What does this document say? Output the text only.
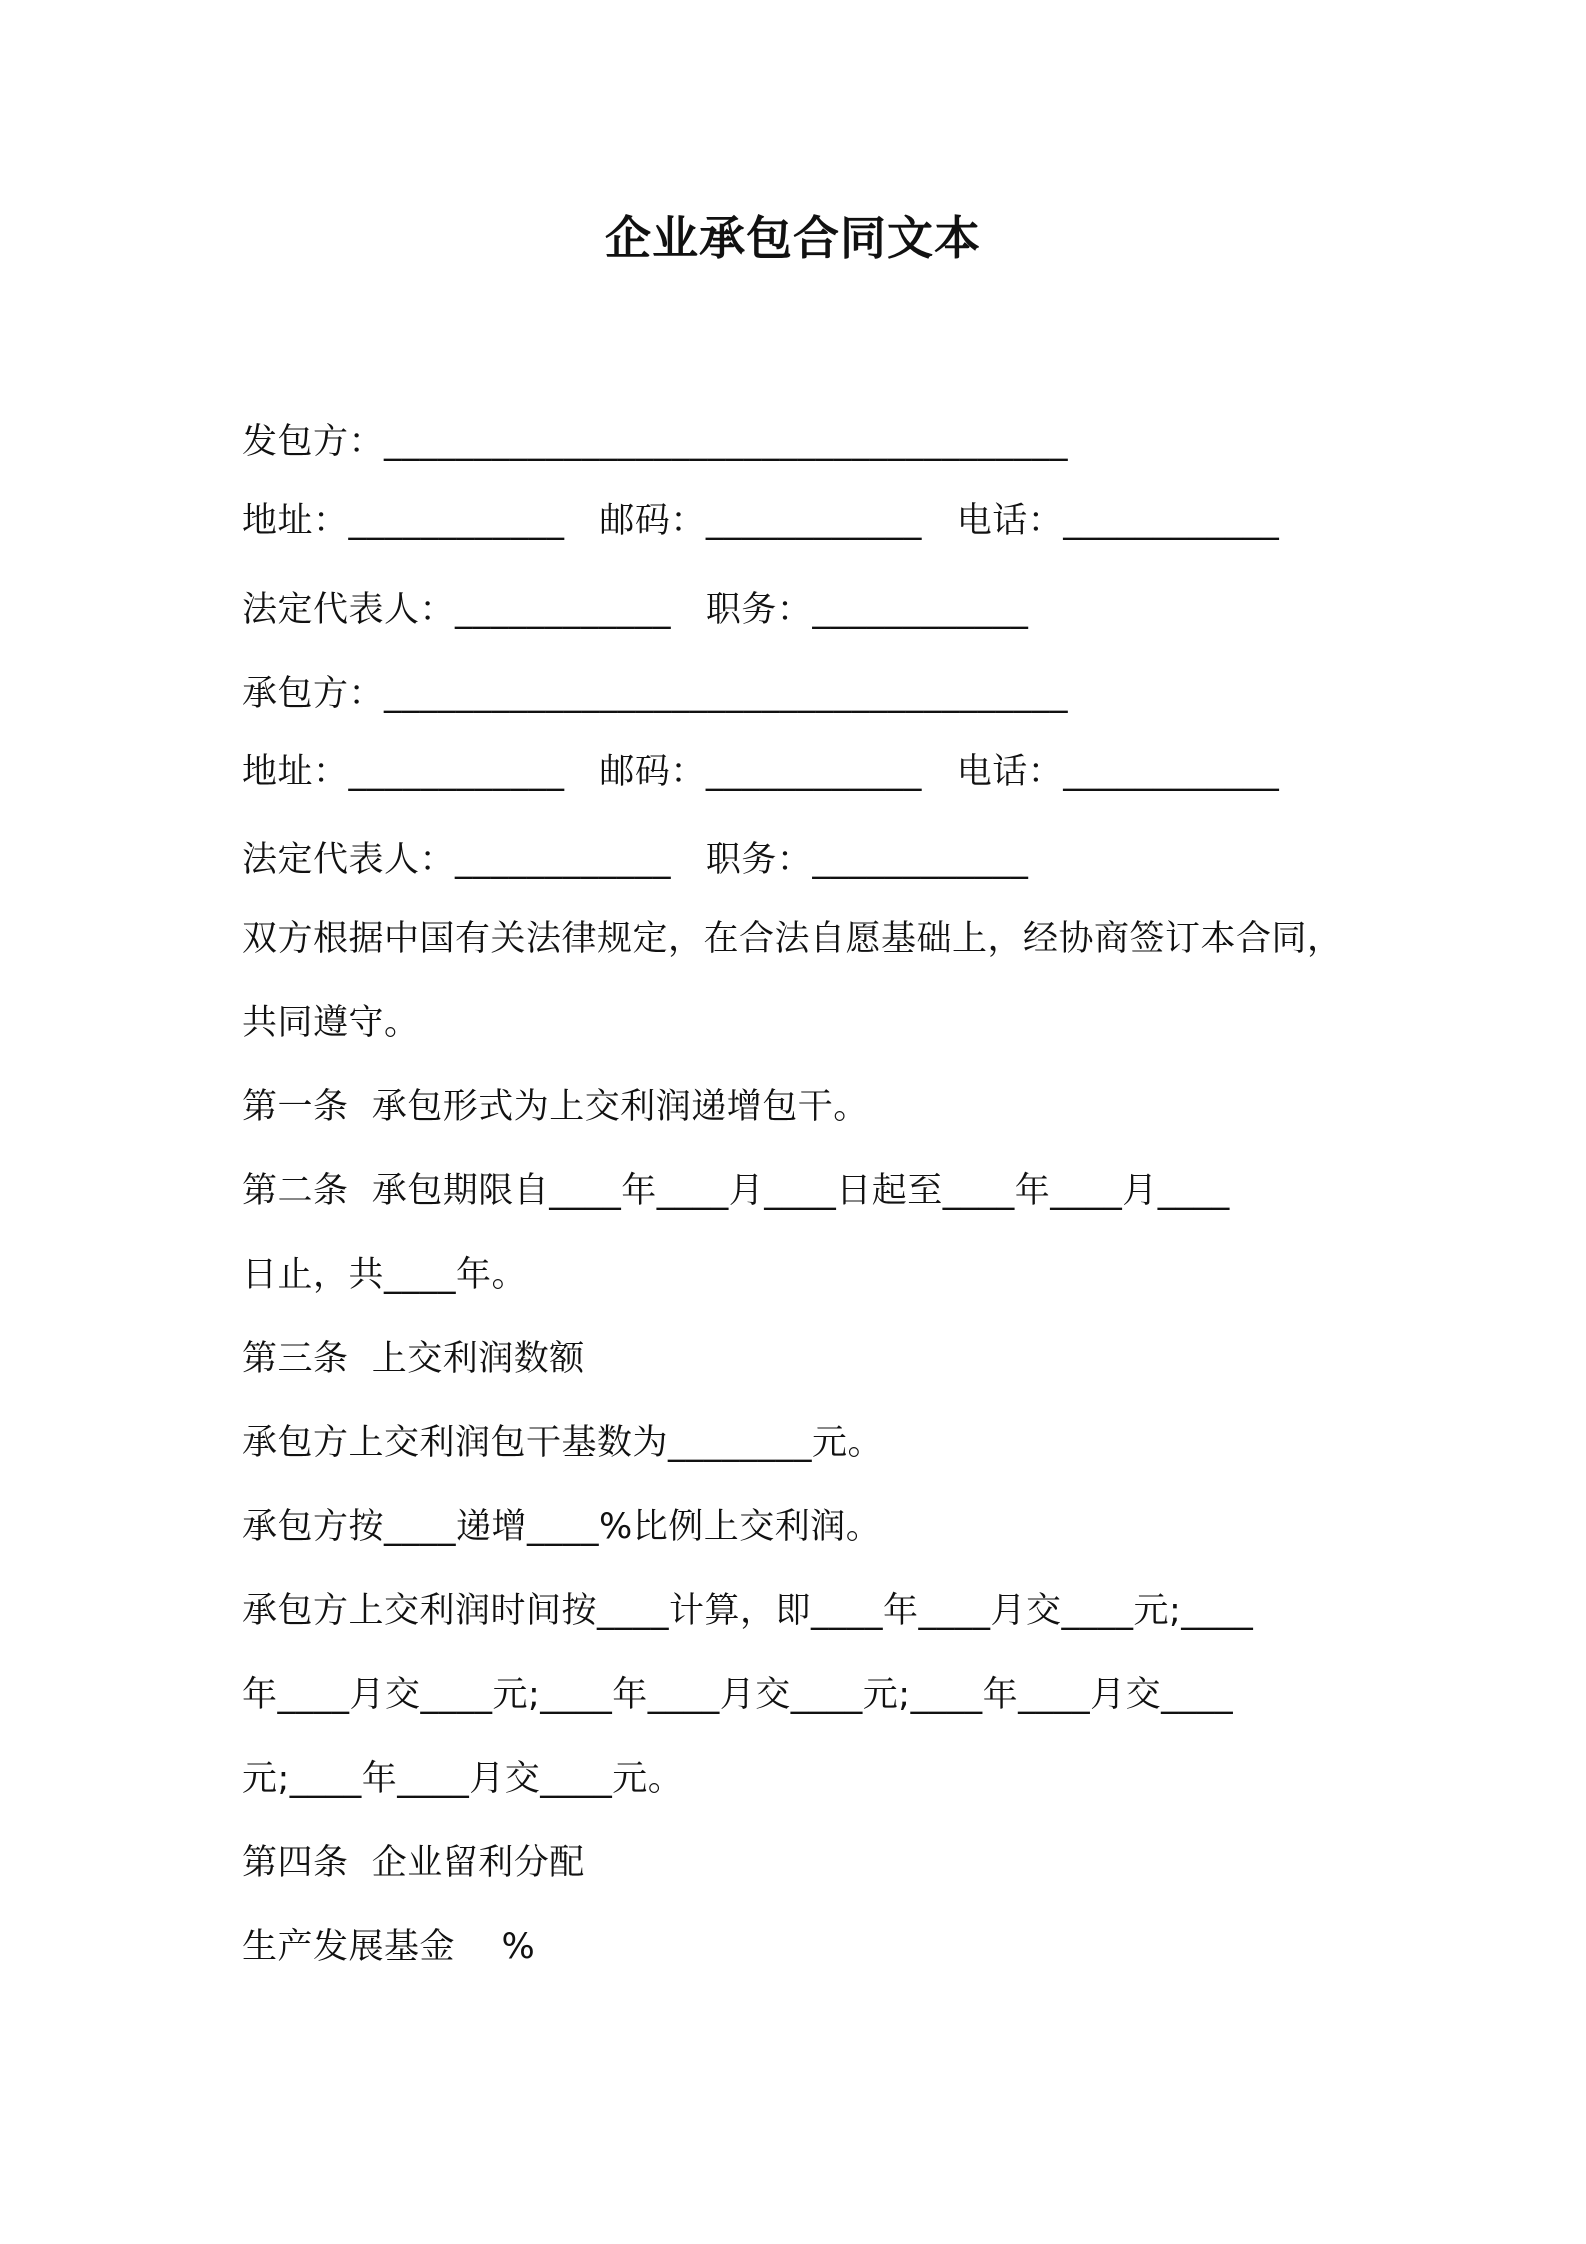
企业承包合同文本
发包方：______________________________________
地址：____________   邮码：____________   电话：____________
法定代表人：____________   职务：____________
承包方：______________________________________
地址：____________   邮码：____________   电话：____________
法定代表人：____________   职务：____________
双方根据中国有关法律规定，在合法自愿基础上，经协商签订本合同，
共同遵守。
第一条  承包形式为上交利润递增包干。
第二条  承包期限自____年____月____日起至____年____月____
日止，共____年。
第三条  上交利润数额
承包方上交利润包干基数为________元。
承包方按____递增____%比例上交利润。
承包方上交利润时间按____计算，即____年____月交____元;____
年____月交____元;____年____月交____元;____年____月交____
元;____年____月交____元。
第四条  企业留利分配
生产发展基金    %
